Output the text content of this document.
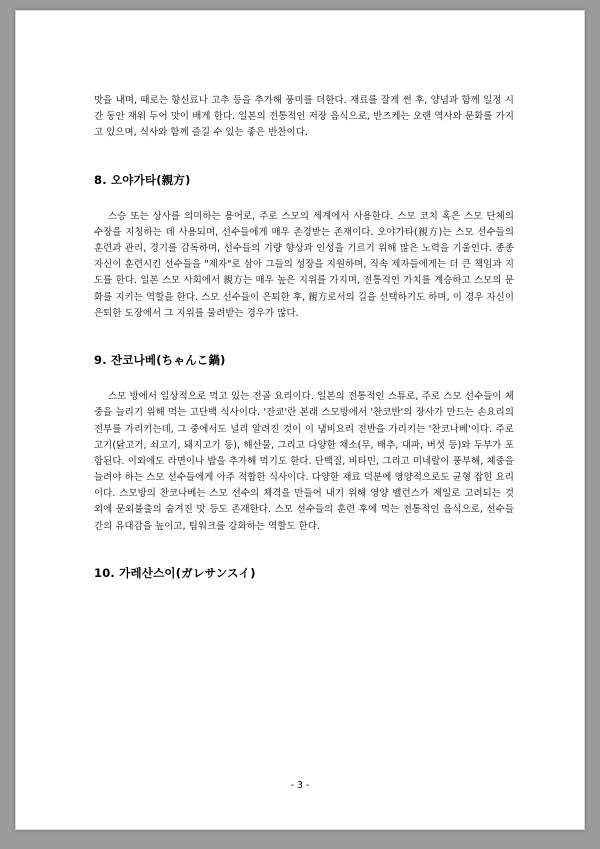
맛을 내며, 때로는 향신료나 고추 등을 추가해 풍미를 더한다. 재료를 잘게 썬 후, 양념과 함께 일정 시간 동안 재워 두어 맛이 배게 한다. 일본의 전통적인 저장 음식으로, 반즈케는 오랜 역사와 문화를 가지고 있으며, 식사와 함께 즐길 수 있는 좋은 반찬이다.

8. 오야가타(親方)

스승 또는 상사를 의미하는 용어로, 주로 스모의 세계에서 사용한다. 스모 코치 혹은 스모 단체의 수장을 지칭하는 데 사용되며, 선수들에게 매우 존경받는 존재이다. 오야가타(親方)는 스모 선수들의 훈련과 관리, 경기를 감독하며, 선수들의 기량 향상과 인성을 기르기 위해 많은 노력을 기울인다. 종종 자신이 훈련시킨 선수들을 "제자"로 삼아 그들의 성장을 지원하며, 직속 제자들에게는 더 큰 책임과 지도를 한다. 일본 스모 사회에서 親方는 매우 높은 지위를 가지며, 전통적인 가치를 계승하고 스모의 문화를 지키는 역할을 한다. 스모 선수들이 은퇴한 후, 親方로서의 길을 선택하기도 하며, 이 경우 자신이 은퇴한 도장에서 그 지위를 물려받는 경우가 많다.

9. 잔코나베(ちゃんこ鍋)

스모 방에서 일상적으로 먹고 있는 전골 요리이다. 일본의 전통적인 스튜로, 주로 스모 선수들이 체중을 늘리기 위해 먹는 고단백 식사이다. '잔쿄'란 본래 스모방에서 '찬코반'의 장사가 만드는 손요리의 전부를 가리키는데, 그 중에서도 널리 알려진 것이 이 냄비요리 전반을 가리키는 '찬코나베'이다. 주로 고기(닭고기, 쇠고기, 돼지고기 등), 해산물, 그리고 다양한 채소(무, 배추, 대파, 버섯 등)와 두부가 포함된다. 이외에도 라면이나 밥을 추가해 먹기도 한다. 단백질, 비타민, 그리고 미네랄이 풍부해, 체중을 늘려야 하는 스모 선수들에게 아주 적합한 식사이다. 다양한 재료 덕분에 영양적으로도 균형 잡힌 요리이다. 스모방의 찬코나베는 스모 선수의 체격을 만들어 내기 위해 영양 밸런스가 제일로 고려되는 것 외에 문외불출의 숨겨진 맛 등도 존재한다. 스모 선수들의 훈련 후에 먹는 전통적인 음식으로, 선수들 간의 유대감을 높이고, 팀워크를 강화하는 역할도 한다.

10. 가레산스이(ガレサンスイ)
- 3 -
